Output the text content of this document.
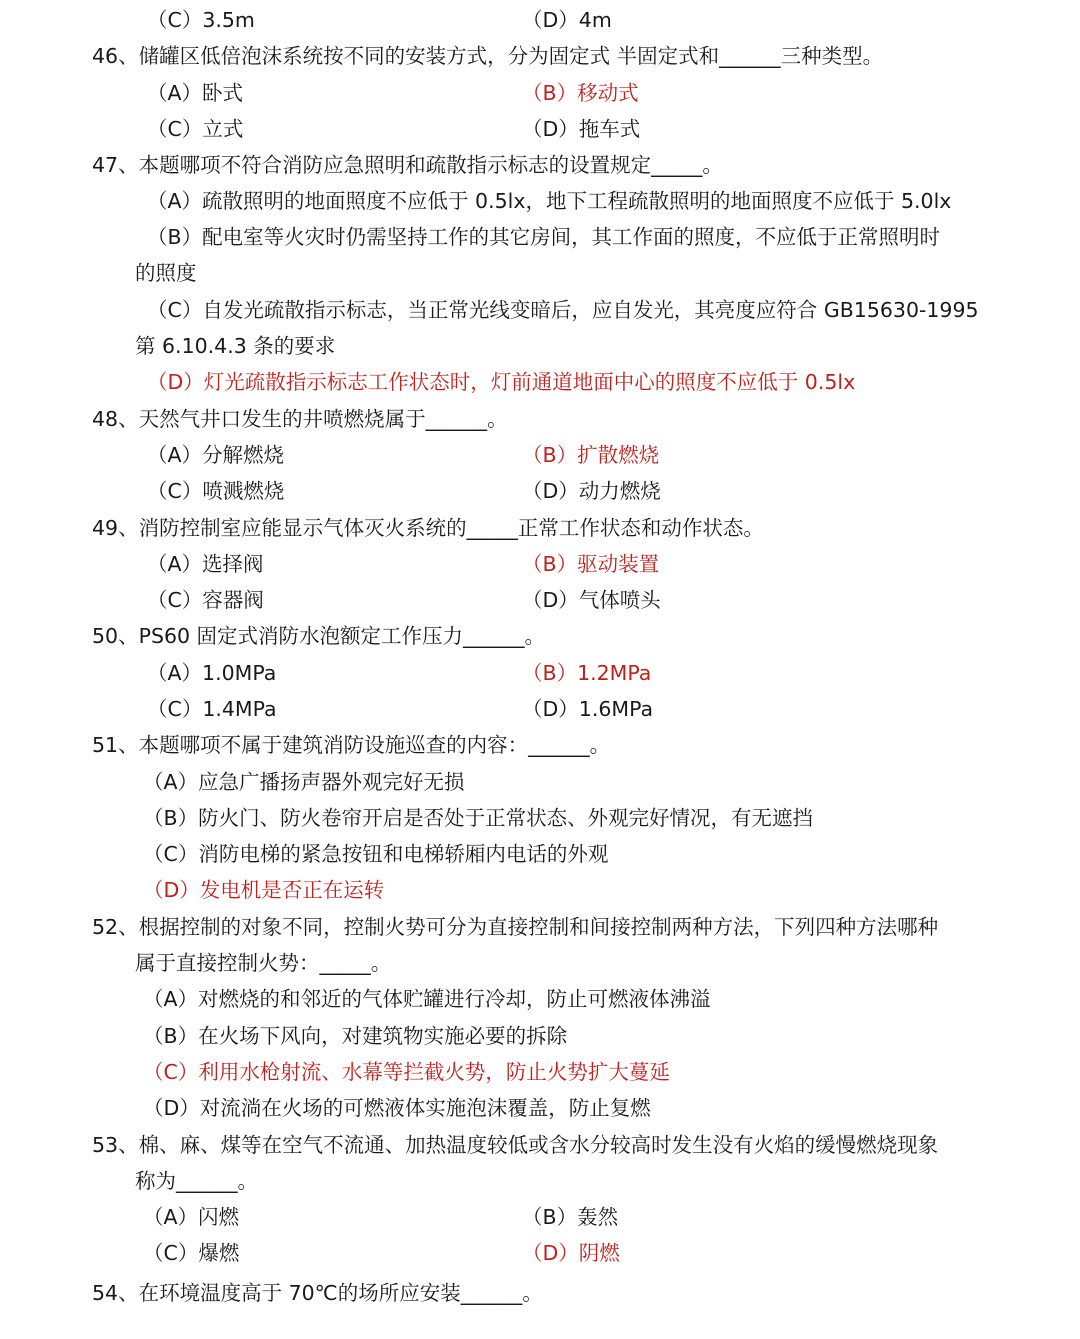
（C）3.5m	（D）4m
46、储罐区低倍泡沫系统按不同的安装方式，分为固定式 半固定式和______三种类型。
（A）卧式	（B）移动式
（C）立式	（D）拖车式
47、本题哪项不符合消防应急照明和疏散指示标志的设置规定_____。
（A）疏散照明的地面照度不应低于 0.5lx，地下工程疏散照明的地面照度不应低于 5.0lx
（B）配电室等火灾时仍需坚持工作的其它房间，其工作面的照度，不应低于正常照明时
的照度
（C）自发光疏散指示标志，当正常光线变暗后，应自发光，其亮度应符合 GB15630-1995
第 6.10.4.3 条的要求
（D）灯光疏散指示标志工作状态时，灯前通道地面中心的照度不应低于 0.5lx
48、天然气井口发生的井喷燃烧属于______。
（A）分解燃烧	（B）扩散燃烧
（C）喷溅燃烧	（D）动力燃烧
49、消防控制室应能显示气体灭火系统的_____正常工作状态和动作状态。
（A）选择阀	（B）驱动装置
（C）容器阀	（D）气体喷头
50、PS60 固定式消防水泡额定工作压力______。
（A）1.0MPa	（B）1.2MPa
（C）1.4MPa	（D）1.6MPa
51、本题哪项不属于建筑消防设施巡查的内容：______。
（A）应急广播扬声器外观完好无损
（B）防火门、防火卷帘开启是否处于正常状态、外观完好情况，有无遮挡
（C）消防电梯的紧急按钮和电梯轿厢内电话的外观
（D）发电机是否正在运转
52、根据控制的对象不同，控制火势可分为直接控制和间接控制两种方法，下列四种方法哪种
属于直接控制火势：_____。
（A）对燃烧的和邻近的气体贮罐进行冷却，防止可燃液体沸溢
（B）在火场下风向，对建筑物实施必要的拆除
（C）利用水枪射流、水幕等拦截火势，防止火势扩大蔓延
（D）对流淌在火场的可燃液体实施泡沫覆盖，防止复燃
53、棉、麻、煤等在空气不流通、加热温度较低或含水分较高时发生没有火焰的缓慢燃烧现象
称为______。
（A）闪燃	（B）轰然
（C）爆燃	（D）阴燃
54、在环境温度高于 70℃的场所应安装______。
